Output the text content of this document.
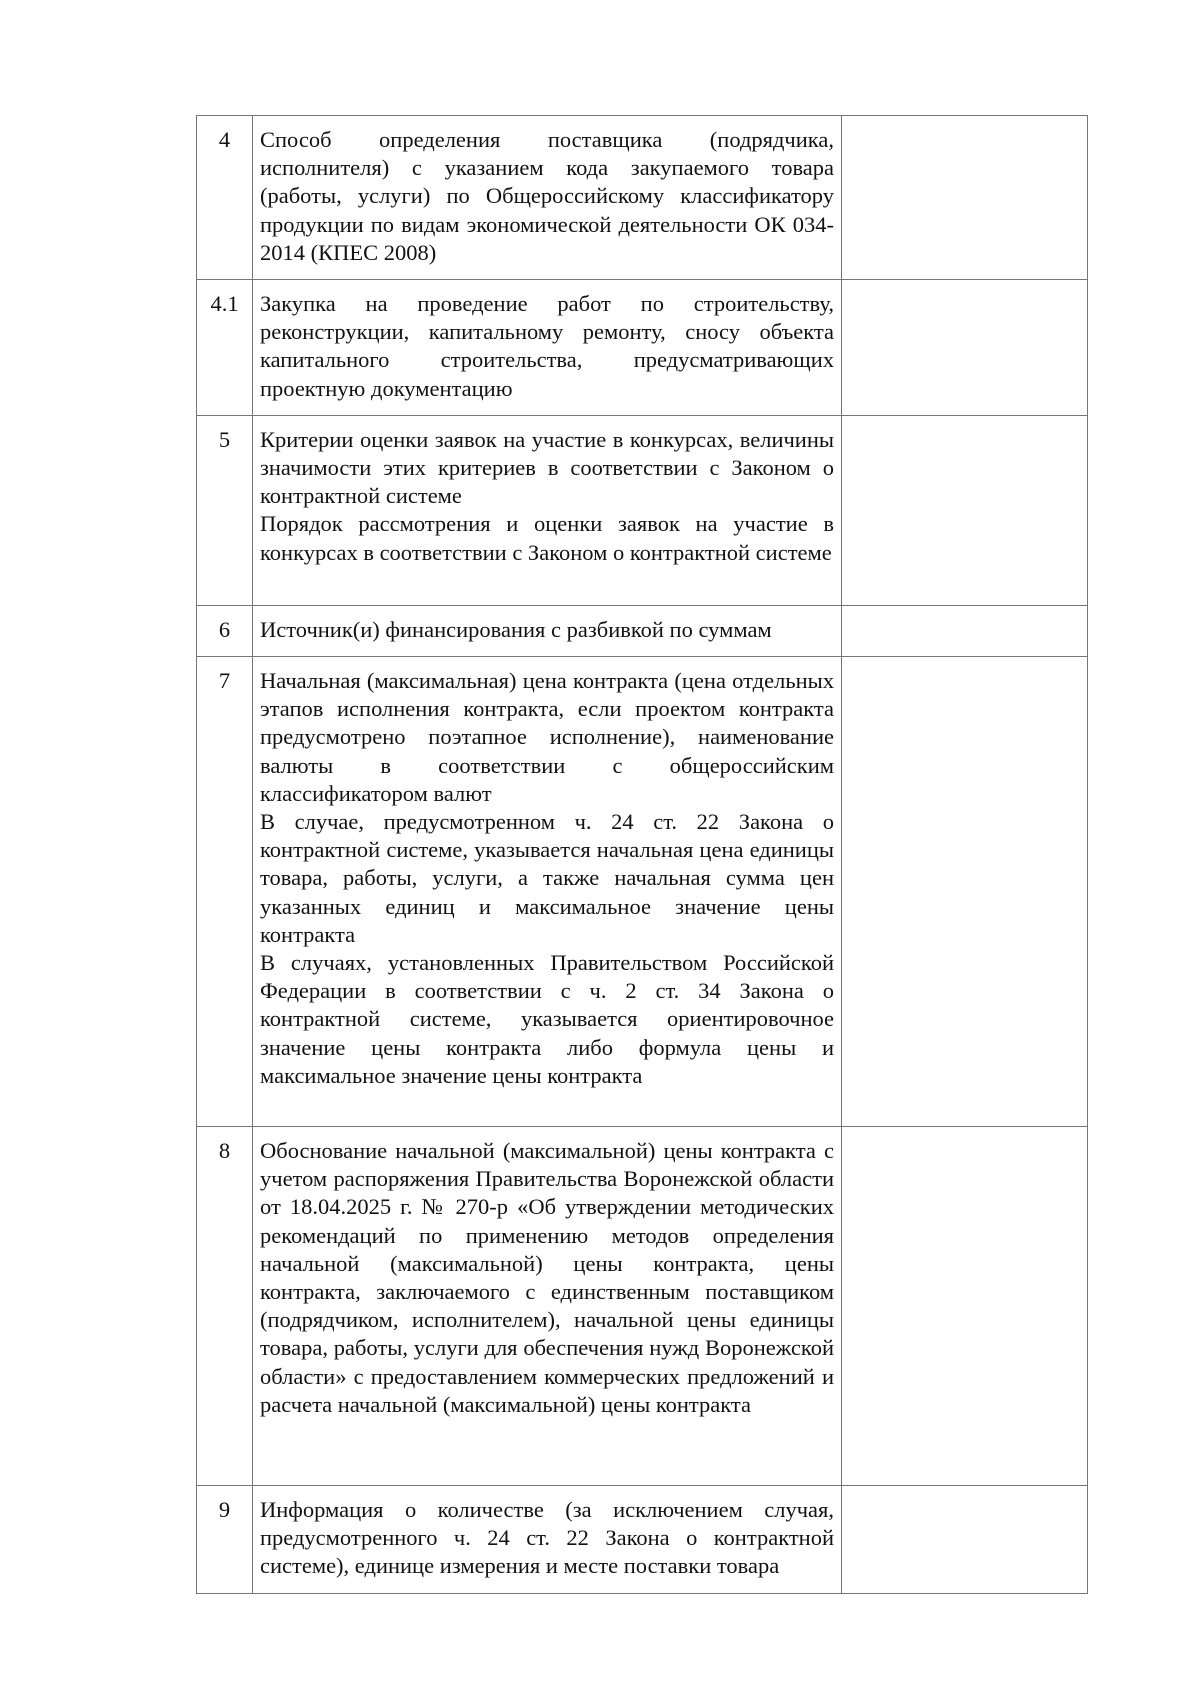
4	Способ определения поставщика (подрядчика, исполнителя) с указанием кода закупаемого товара (работы, услуги) по Общероссийскому классификатору продукции по видам экономической деятельности ОК 034-2014 (КПЕС 2008)	

4.1	Закупка на проведение работ по строительству, реконструкции, капитальному ремонту, сносу объекта капитального строительства, предусматривающих проектную документацию	

5	Критерии оценки заявок на участие в конкурсах, величины значимости этих критериев в соответствии с Законом о контрактной системе
Порядок рассмотрения и оценки заявок на участие в конкурсах в соответствии с Законом о контрактной системе	

6	Источник(и) финансирования с разбивкой по суммам	

7	Начальная (максимальная) цена контракта (цена отдельных этапов исполнения контракта, если проектом контракта предусмотрено поэтапное исполнение), наименование валюты в соответствии с общероссийским классификатором валют
В случае, предусмотренном ч. 24 ст. 22 Закона о контрактной системе, указывается начальная цена единицы товара, работы, услуги, а также начальная сумма цен указанных единиц и максимальное значение цены контракта
В случаях, установленных Правительством Российской Федерации в соответствии с ч. 2 ст. 34 Закона о контрактной системе, указывается ориентировочное значение цены контракта либо формула цены и максимальное значение цены контракта	

8	Обоснование начальной (максимальной) цены контракта с учетом распоряжения Правительства Воронежской области от 18.04.2025 г. № 270-р «Об утверждении методических рекомендаций по применению методов определения начальной (максимальной) цены контракта, цены контракта, заключаемого с единственным поставщиком (подрядчиком, исполнителем), начальной цены единицы товара, работы, услуги для обеспечения нужд Воронежской области» с предоставлением коммерческих предложений и расчета начальной (максимальной) цены контракта	

9	Информация о количестве (за исключением случая, предусмотренного ч. 24 ст. 22 Закона о контрактной системе), единице измерения и месте поставки товара	
